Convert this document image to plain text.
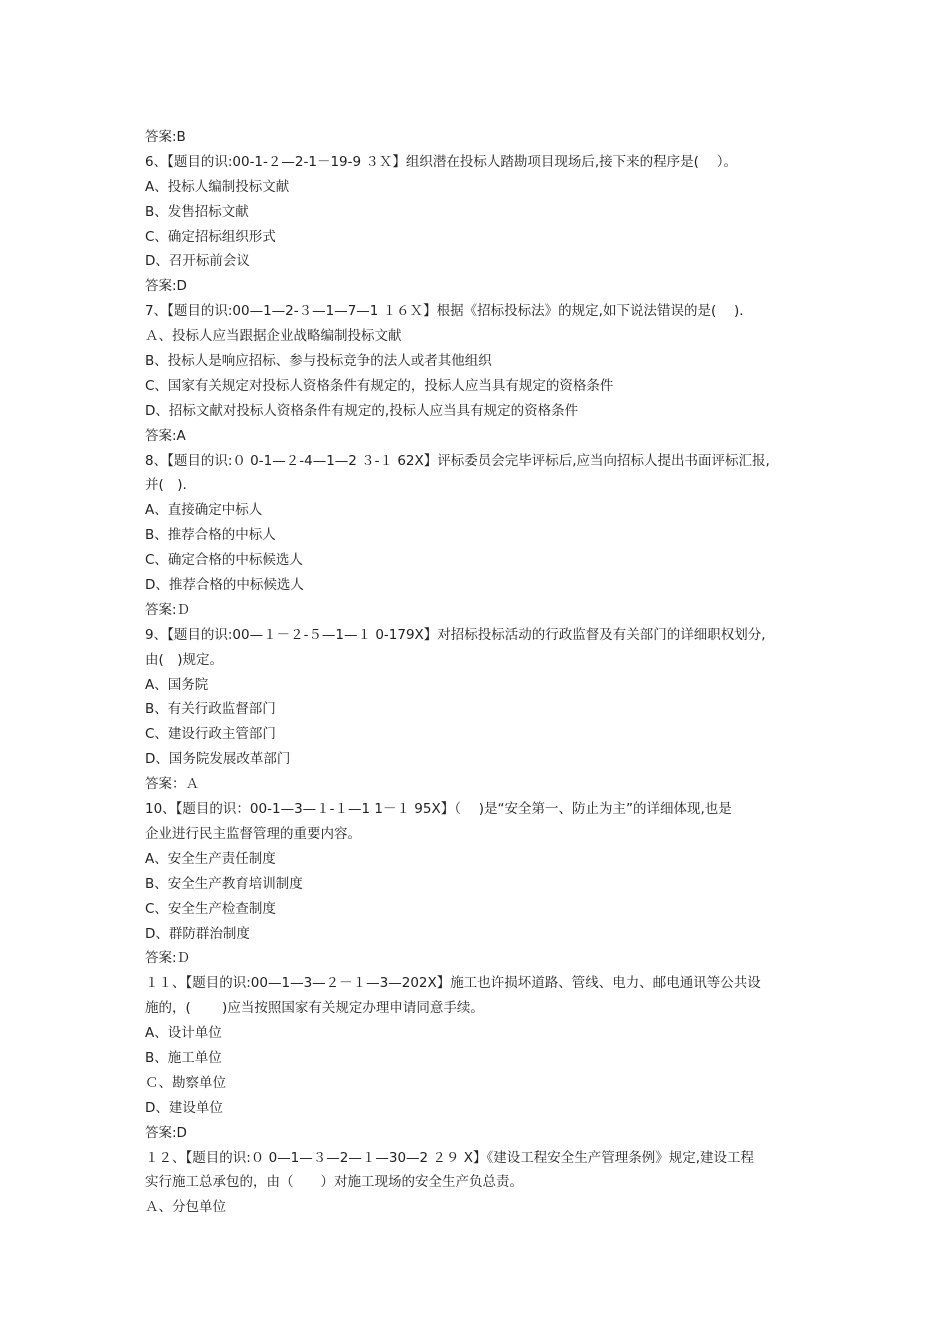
答案:B
6、【题目的识:00-1-２—2-1－19-9 ３Ｘ】组织潜在投标人踏勘项目现场后,接下来的程序是(　 ）。
A、投标人编制投标文献
B、发售招标文献
C、确定招标组织形式
D、召开标前会议
答案:D
7、【题目的识:00—1—2-３—1—7—1 １６Ｘ】根据《招标投标法》的规定,如下说法错误的是(　 ).
Ａ、投标人应当跟据企业战略编制投标文献
B、投标人是响应招标、参与投标竞争的法人或者其他组织
C、国家有关规定对投标人资格条件有规定的，投标人应当具有规定的资格条件
D、招标文献对投标人资格条件有规定的,投标人应当具有规定的资格条件
答案:A
8、【题目的识:０ 0-1—２-4—1—2 ３-１ 62X】评标委员会完毕评标后,应当向招标人提出书面评标汇报,
并(　).
A、直接确定中标人
B、推荐合格的中标人
C、确定合格的中标候选人
D、推荐合格的中标候选人
答案:Ｄ
9、【题目的识:00—１－２-５—1—１ 0-179X】对招标投标活动的行政监督及有关部门的详细职权划分,
由(　)规定。
A、国务院
B、有关行政监督部门
C、建设行政主管部门
D、国务院发展改革部门
答案：Ａ
10、【题目的识：00-1—3—１-１—1 1－１ 95X】（　 )是“安全第一、防止为主”的详细体现,也是
企业进行民主监督管理的重要内容。
A、安全生产责任制度
B、安全生产教育培训制度
C、安全生产检查制度
D、群防群治制度
答案:Ｄ
１１、【题目的识:00—1—3—２－１—3—202X】施工也许损坏道路、管线、电力、邮电通讯等公共设
施的，(　 　)应当按照国家有关规定办理申请同意手续。
A、设计单位
B、施工单位
Ｃ、勘察单位
D、建设单位
答案:D
１２、【题目的识:０ 0—1—３—2—１—30—2 ２９ X】《建设工程安全生产管理条例》规定,建设工程
实行施工总承包的，由（　　）对施工现场的安全生产负总责。
Ａ、分包单位
